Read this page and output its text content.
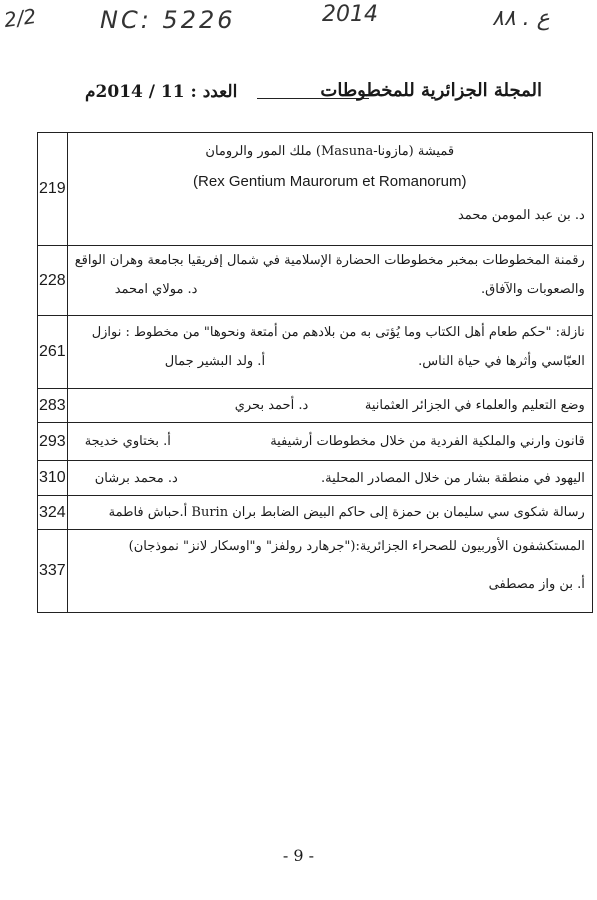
2/2	NC: 5226	2014	ع . ٨٨
المجلة الجزائرية للمخطوطات
العدد : 11 / 2014م
219	قميشة (مازونا-Masuna) ملك المور والرومان
(Rex Gentium Maurorum et Romanorum)
د. بن عبد المومن محمد

228	رقمنة المخطوطات بمخبر مخطوطات الحضارة الإسلامية في شمال إفريقيا بجامعة وهران الواقع
والصعوبات والآفاق.
د. مولاي امحمد

261	نازلة: "حكم طعام أهل الكتاب وما يُؤتى به من بلادهم من أمتعة ونحوها" من مخطوط : نوازل
العبّاسي وأثرها في حياة الناس.
أ. ولد البشير جمال

283	وضع التعليم والعلماء في الجزائر العثمانية
د. أحمد بحري

293	قانون وارني والملكية الفردية من خلال مخطوطات أرشيفية
أ. بختاوي خديجة

310	اليهود في منطقة بشار من خلال المصادر المحلية.
د. محمد برشان

324	رسالة شكوى سي سليمان بن حمزة إلى حاكم البيض الضابط بران Burin أ.حباش فاطمة

337	المستكشفون الأوربيون للصحراء الجزائرية:("جرهارد رولفز" و"اوسكار لانز" نموذجان)
أ. بن واز مصطفى
- 9 -
